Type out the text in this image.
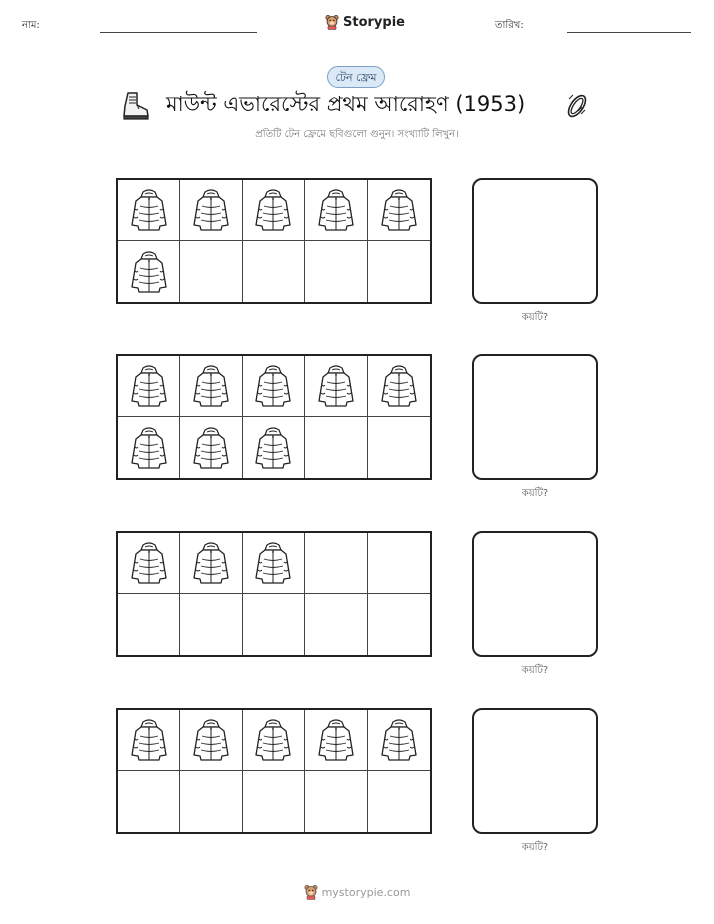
নাম:	Storypie	তারিখ:
টেন ফ্রেম
মাউন্ট এভারেস্টের প্রথম আরোহণ (1953)
প্রতিটি টেন ফ্রেমে ছবিগুলো গুনুন। সংখ্যাটি লিখুন।
কয়টি?
কয়টি?
কয়টি?
কয়টি?
mystorypie.com
